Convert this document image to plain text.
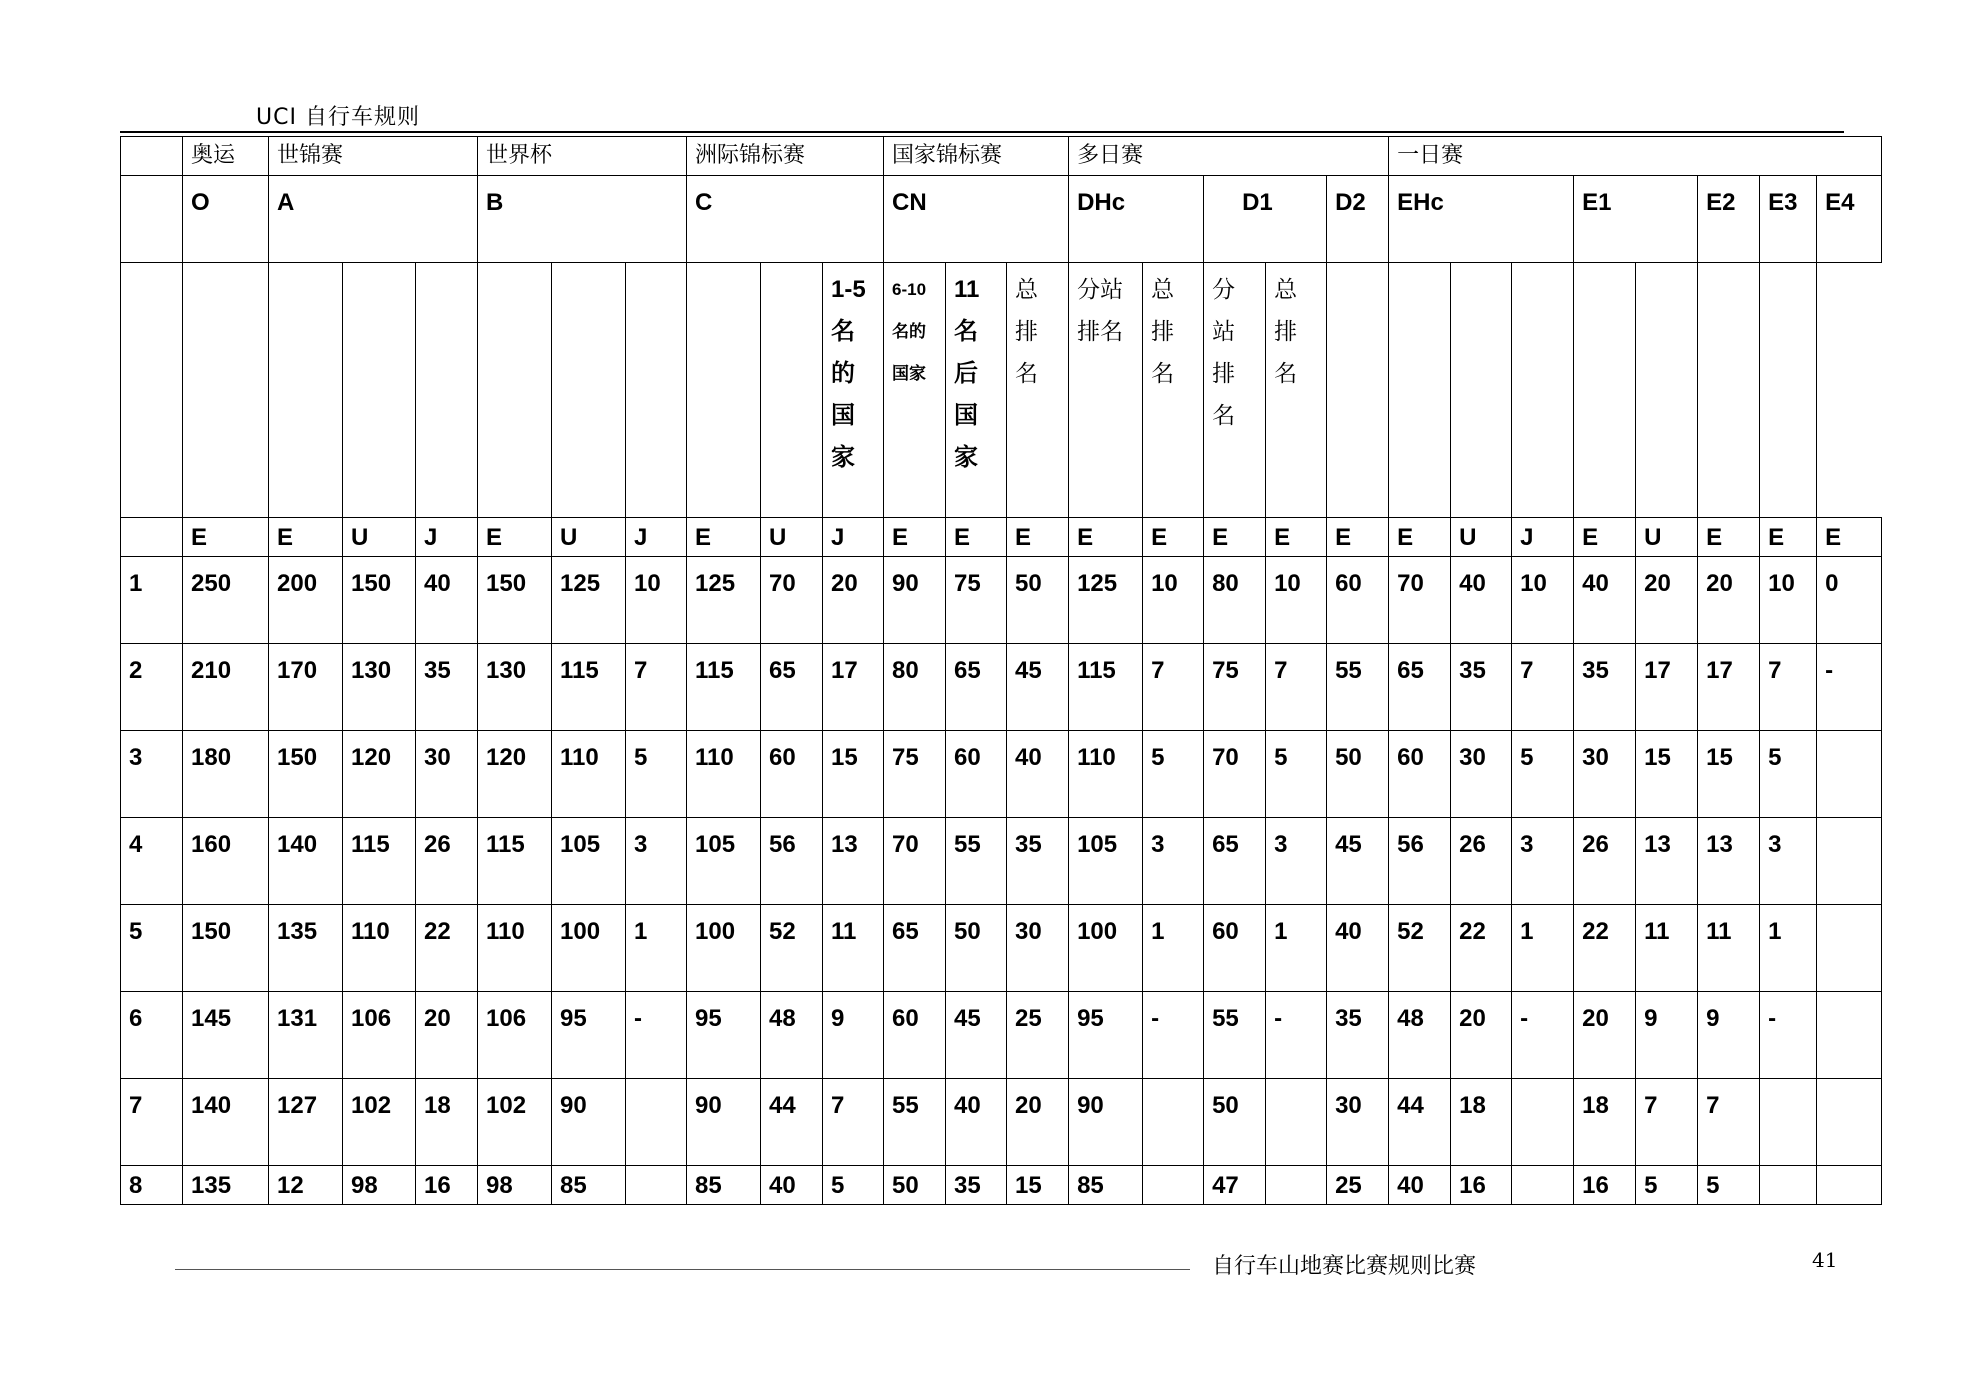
UCI 自行车规则
	奥运	世锦赛			世界杯			洲际锦标赛			国家锦标赛			多日赛					一日赛							
	O	A			B			C			CN			DHc		D1		D2	EHc			E1		E2	E3	E4
										1-5名的国家	6-10名的国家	11名后国家	总排名	分站排名	总排名	分站排名	总排名									
	E	E	U	J	E	U	J	E	U	J	E	E	E	E	E	E	E	E	E	U	J	E	U	E	E	E
1	250	200	150	40	150	125	10	125	70	20	90	75	50	125	10	80	10	60	70	40	10	40	20	20	10	0
2	210	170	130	35	130	115	7	115	65	17	80	65	45	115	7	75	7	55	65	35	7	35	17	17	7	-
3	180	150	120	30	120	110	5	110	60	15	75	60	40	110	5	70	5	50	60	30	5	30	15	15	5	
4	160	140	115	26	115	105	3	105	56	13	70	55	35	105	3	65	3	45	56	26	3	26	13	13	3	
5	150	135	110	22	110	100	1	100	52	11	65	50	30	100	1	60	1	40	52	22	1	22	11	11	1	
6	145	131	106	20	106	95	-	95	48	9	60	45	25	95	-	55	-	35	48	20	-	20	9	9	-	
7	140	127	102	18	102	90		90	44	7	55	40	20	90		50		30	44	18		18	7	7		
8	135	12	98	16	98	85		85	40	5	50	35	15	85		47		25	40	16		16	5	5		
自行车山地赛比赛规则比赛	41
